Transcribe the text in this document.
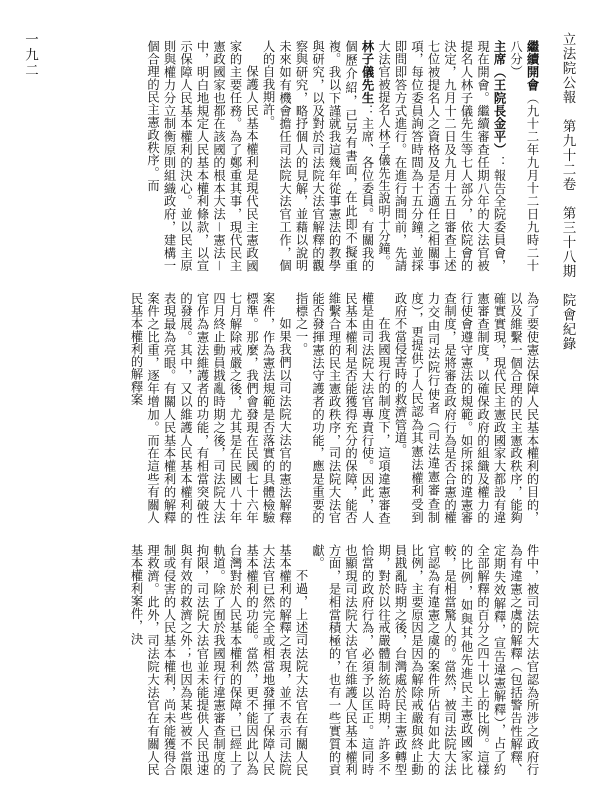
立法院公報　第九十二卷　第三十八期　院會紀錄
一九二	繼續開會（九十二年九月十二日九時二十八分）

主席（王院長金平）：報告全院委員會，現在開會。繼續審查任期八年的大法官被提名人林子儀先生等七人部分，依院會的決定，九月十二日及九月十五日審查上述七位被提名人之資格及是否適任之相關事項，每位委員詢答時間為十五分鐘，並採即問即答方式進行。在進行詢問前，先請大法官被提名人林子儀先生說明十分鐘。

林子儀先生：主席、各位委員。有關我的個歷介紹，已另有書面，在此即不擬重複。我以下謹就我這幾年從事憲法的教學與研究，以及對於司法院大法官解釋的觀察與研究，略抒個人的見解，並藉以說明未來如有機會擔任司法院大法官工作，個人的自我期許。

保護人民基本權利是現代民主憲政國家的主要任務。為了鄭重其事，現代民主憲政國家也都在該國的根本大法－憲法－中，明白地規定人民基本權利條款，以宣示保障人民基本權利的決心。並以民主原則與權力分立制衡原則組織政府，建構一個合理的民主憲政秩序。而

為了要使憲法保障人民基本權利的目的，以及維繫一個合理的民主憲政秩序，能夠確實實現，現代民主憲政國家大都設有違憲審查制度，以確保政府的組織及權力的行使會遵守憲法的規範。如所採的違憲審查制度，是將審查政府行為是否合憲的權力交由司法院行使者（司法違憲審查制度），更提供了人民認為其憲法權利受到政府不當侵害時的救濟管道。

在我國現行的制度下，這項違憲審查權是由司法院大法官專責行使。因此，人民基本權利是否能獲得充分的保障，能否維繫合理的民主憲政秩序，司法院大法官能否發揮憲法守護者的功能，應是重要的指標之一。

如果我們以司法院大法官的憲法解釋案件，作為憲法規範是否落實的具體檢驗標準。那麼，我們會發現在民國七十六年七月解除戒嚴之後，尤其是在民國八十年四月終止動員戡亂時期之後，司法院大法官作為憲法維護者的功能，有相當突破性的發展。其中，又以維護人民基本權利的表現最為亮眼。有關人民基本權利的解釋案件之比重，逐年增加。而在這些有關人民基本權利的解釋案

件中，被司法院大法官認為所涉之政府行為有違憲之虞的解釋（包括警告性解釋、定期失效解釋，宣告違憲解釋），占了約全部解釋的百分之四十以上的比例。這樣的比例，如與其他先進民主憲政國家比較，是相當驚人的。當然，被司法院大法官認為有違憲之虞的案件所佔有如此大的比例，主要原因是因為解除戒嚴與終止動員戡亂時期之後，台灣處於民主憲政轉型期，對於以往戒嚴體制統治時期，許多不恰當的政府行為，必須予以匡正。這同時也顯現司法院大法官在維護人民基本權利方面，是相當積極的，也有一些實質的貢獻。

不過，上述司法院大法官在有關人民基本權利的解釋之表現，並不表示司法院大法官已然完全或相當地發揮了保障人民基本權利的功能。當然，更不能因此以為台灣對於人民基本權利的保障，已經上了軌道。除了囿於我國現行違憲審查制度的拘限，司法院大法官並未能提供人民迅速與有效的救濟之外；也因為某些被不當限制或侵害的人民基本權利，尚未能獲得合理救濟。此外，司法院大法官在有關人民基本權利案件，決
